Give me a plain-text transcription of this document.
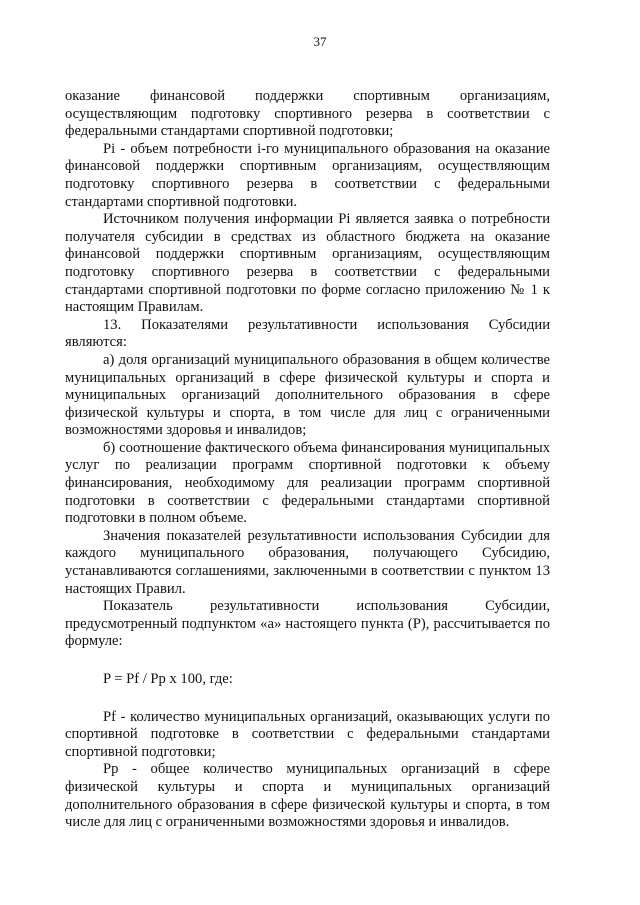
37

оказание финансовой поддержки спортивным организациям, осуществляющим подготовку спортивного резерва в соответствии с федеральными стандартами спортивной подготовки;

Pi - объем потребности i-го муниципального образования на оказание финансовой поддержки спортивным организациям, осуществляющим подготовку спортивного резерва в соответствии с федеральными стандартами спортивной подготовки.

Источником получения информации Pi является заявка о потребности получателя субсидии в средствах из областного бюджета на оказание финансовой поддержки спортивным организациям, осуществляющим подготовку спортивного резерва в соответствии с федеральными стандартами спортивной подготовки по форме согласно приложению № 1 к настоящим Правилам.

13. Показателями результативности использования Субсидии являются:

а) доля организаций муниципального образования в общем количестве муниципальных организаций в сфере физической культуры и спорта и муниципальных организаций дополнительного образования в сфере физической культуры и спорта, в том числе для лиц с ограниченными возможностями здоровья и инвалидов;

б) соотношение фактического объема финансирования муниципальных услуг по реализации программ спортивной подготовки к объему финансирования, необходимому для реализации программ спортивной подготовки в соответствии с федеральными стандартами спортивной подготовки в полном объеме.

Значения показателей результативности использования Субсидии для каждого муниципального образования, получающего Субсидию, устанавливаются соглашениями, заключенными в соответствии с пунктом 13 настоящих Правил.

Показатель результативности использования Субсидии, предусмотренный подпунктом «а» настоящего пункта (Р), рассчитывается по формуле:

P = Pf / Pp x 100, где:

Pf - количество муниципальных организаций, оказывающих услуги по спортивной подготовке в соответствии с федеральными стандартами спортивной подготовки;

Pp - общее количество муниципальных организаций в сфере физической культуры и спорта и муниципальных организаций дополнительного образования в сфере физической культуры и спорта, в том числе для лиц с ограниченными возможностями здоровья и инвалидов.
